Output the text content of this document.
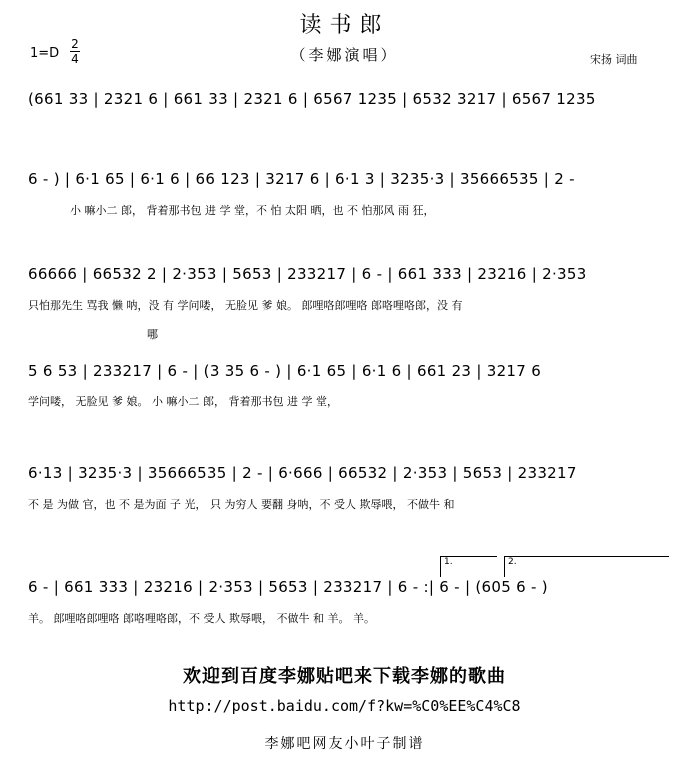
读书郎
（李娜演唱）
1=D
2
4	宋扬 词曲
(661 33 | 2321 6 | 661 33 | 2321 6 | 6567 1235 | 6532 3217 | 6567 1235
6 - ) | 6·1 65 | 6·1 6 | 66 123 | 3217 6 | 6·1 3 | 3235·3 | 35666535 | 2 -
小 嘛小二 郎， 背着那书包 进 学 堂，不 怕 太阳 晒，也 不 怕那风 雨 狂，
66666 | 66532 2 | 2·353 | 5653 | 233217 | 6 - | 661 333 | 23216 | 2·353
只怕那先生 骂我 懒 呐，没 有 学问喽， 无脸见 爹 娘。 郎哩咯郎哩咯 郎咯哩咯郎，没 有
哪
5 6 53 | 233217 | 6 - | (3 35 6 - ) | 6·1 65 | 6·1 6 | 661 23 | 3217 6
学问喽， 无脸见 爹 娘。 小 嘛小二 郎， 背着那书包 进 学 堂，
6·13 | 3235·3 | 35666535 | 2 - | 6·666 | 66532 | 2·353 | 5653 | 233217
不 是 为做 官，也 不 是为面 子 光， 只 为穷人 要翻 身呐，不 受人 欺辱喂， 不做牛 和
1.	2.
6 - | 661 333 | 23216 | 2·353 | 5653 | 233217 | 6 - :| 6 - | (605 6 - )
羊。 郎哩咯郎哩咯 郎咯哩咯郎，不 受人 欺辱喂， 不做牛 和 羊。 羊。
欢迎到百度李娜贴吧来下载李娜的歌曲
http://post.baidu.com/f?kw=%C0%EE%C4%C8
李娜吧网友小叶子制谱
